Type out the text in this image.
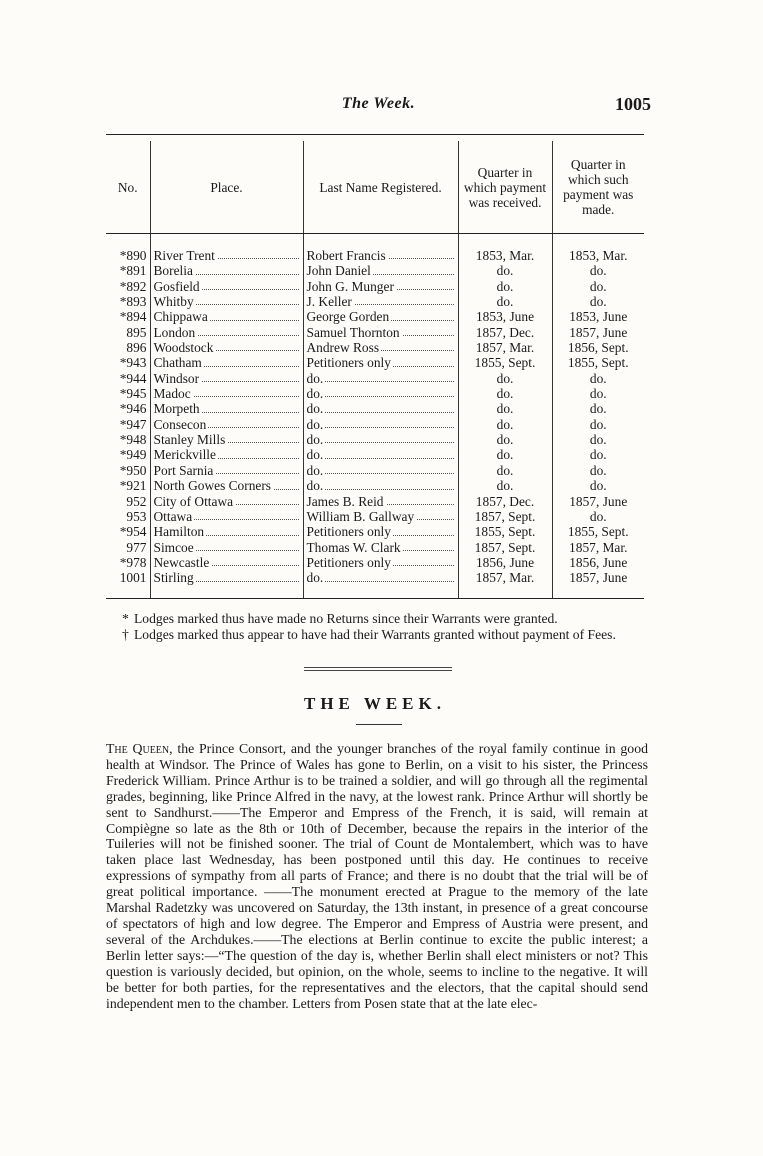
The Week.	1005
No.	Place.	Last Name Registered.	Quarter in which payment was received.	Quarter in which such payment was made.

*890	River Trent	Robert Francis	1853, Mar.	1853, Mar.
*891	Borelia	John Daniel	do.	do.
*892	Gosfield	John G. Munger	do.	do.
*893	Whitby	J. Keller	do.	do.
*894	Chippawa	George Gorden	1853, June	1853, June
895	London	Samuel Thornton	1857, Dec.	1857, June
896	Woodstock	Andrew Ross	1857, Mar.	1856, Sept.
*943	Chatham	Petitioners only	1855, Sept.	1855, Sept.
*944	Windsor	do.	do.	do.
*945	Madoc	do.	do.	do.
*946	Morpeth	do.	do.	do.
*947	Consecon	do.	do.	do.
*948	Stanley Mills	do.	do.	do.
*949	Merickville	do.	do.	do.
*950	Port Sarnia	do.	do.	do.
*921	North Gowes Corners	do.	do.	do.
952	City of Ottawa	James B. Reid	1857, Dec.	1857, June
953	Ottawa	William B. Gallway	1857, Sept.	do.
*954	Hamilton	Petitioners only	1855, Sept.	1855, Sept.
977	Simcoe	Thomas W. Clark	1857, Sept.	1857, Mar.
*978	Newcastle	Petitioners only	1856, June	1856, June
1001	Stirling	do.	1857, Mar.	1857, June

* Lodges marked thus have made no Returns since their Warrants were granted.

† Lodges marked thus appear to have had their Warrants granted without payment of Fees.

THE WEEK.

The Queen, the Prince Consort, and the younger branches of the royal family continue in good health at Windsor. The Prince of Wales has gone to Berlin, on a visit to his sister, the Princess Frederick William. Prince Arthur is to be trained a soldier, and will go through all the regimental grades, beginning, like Prince Alfred in the navy, at the lowest rank. Prince Arthur will shortly be sent to Sandhurst.——The Emperor and Empress of the French, it is said, will remain at Compiègne so late as the 8th or 10th of December, because the repairs in the interior of the Tuileries will not be finished sooner. The trial of Count de Montalembert, which was to have taken place last Wednesday, has been postponed until this day. He continues to receive expressions of sympathy from all parts of France; and there is no doubt that the trial will be of great political importance. ——The monument erected at Prague to the memory of the late Marshal Radetzky was uncovered on Saturday, the 13th instant, in presence of a great concourse of spectators of high and low degree. The Emperor and Empress of Austria were present, and several of the Archdukes.——The elections at Berlin continue to excite the public interest; a Berlin letter says:—“The question of the day is, whether Berlin shall elect ministers or not? This question is variously decided, but opinion, on the whole, seems to incline to the negative. It will be better for both parties, for the representatives and the electors, that the capital should send independent men to the chamber. Letters from Posen state that at the late elec-
